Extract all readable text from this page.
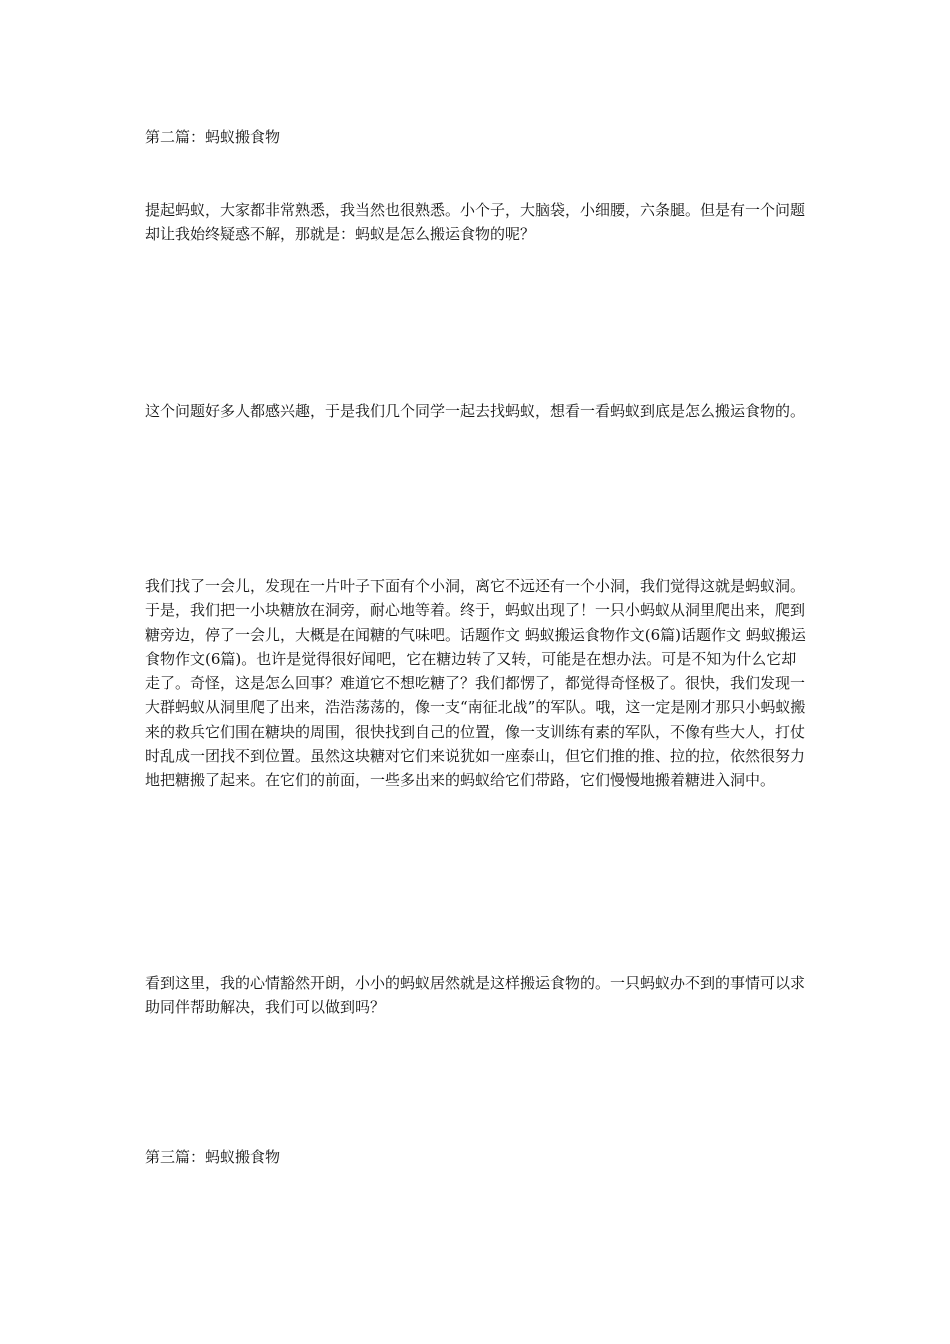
第二篇：蚂蚁搬食物

提起蚂蚁，大家都非常熟悉，我当然也很熟悉。小个子，大脑袋，小细腰，六条腿。但是有一个问题却让我始终疑惑不解，那就是：蚂蚁是怎么搬运食物的呢？

这个问题好多人都感兴趣，于是我们几个同学一起去找蚂蚁，想看一看蚂蚁到底是怎么搬运食物的。

我们找了一会儿，发现在一片叶子下面有个小洞，离它不远还有一个小洞，我们觉得这就是蚂蚁洞。于是，我们把一小块糖放在洞旁，耐心地等着。终于，蚂蚁出现了！一只小蚂蚁从洞里爬出来，爬到糖旁边，停了一会儿，大概是在闻糖的气味吧。话题作文 蚂蚁搬运食物作文(6篇)话题作文 蚂蚁搬运食物作文(6篇)。也许是觉得很好闻吧，它在糖边转了又转，可能是在想办法。可是不知为什么它却走了。奇怪，这是怎么回事？难道它不想吃糖了？我们都愣了，都觉得奇怪极了。很快，我们发现一大群蚂蚁从洞里爬了出来，浩浩荡荡的，像一支“南征北战”的军队。哦，这一定是刚才那只小蚂蚁搬来的救兵它们围在糖块的周围，很快找到自己的位置，像一支训练有素的军队，不像有些大人，打仗时乱成一团找不到位置。虽然这块糖对它们来说犹如一座泰山，但它们推的推、拉的拉，依然很努力地把糖搬了起来。在它们的前面，一些多出来的蚂蚁给它们带路，它们慢慢地搬着糖进入洞中。

看到这里，我的心情豁然开朗，小小的蚂蚁居然就是这样搬运食物的。一只蚂蚁办不到的事情可以求助同伴帮助解决，我们可以做到吗？

第三篇：蚂蚁搬食物
